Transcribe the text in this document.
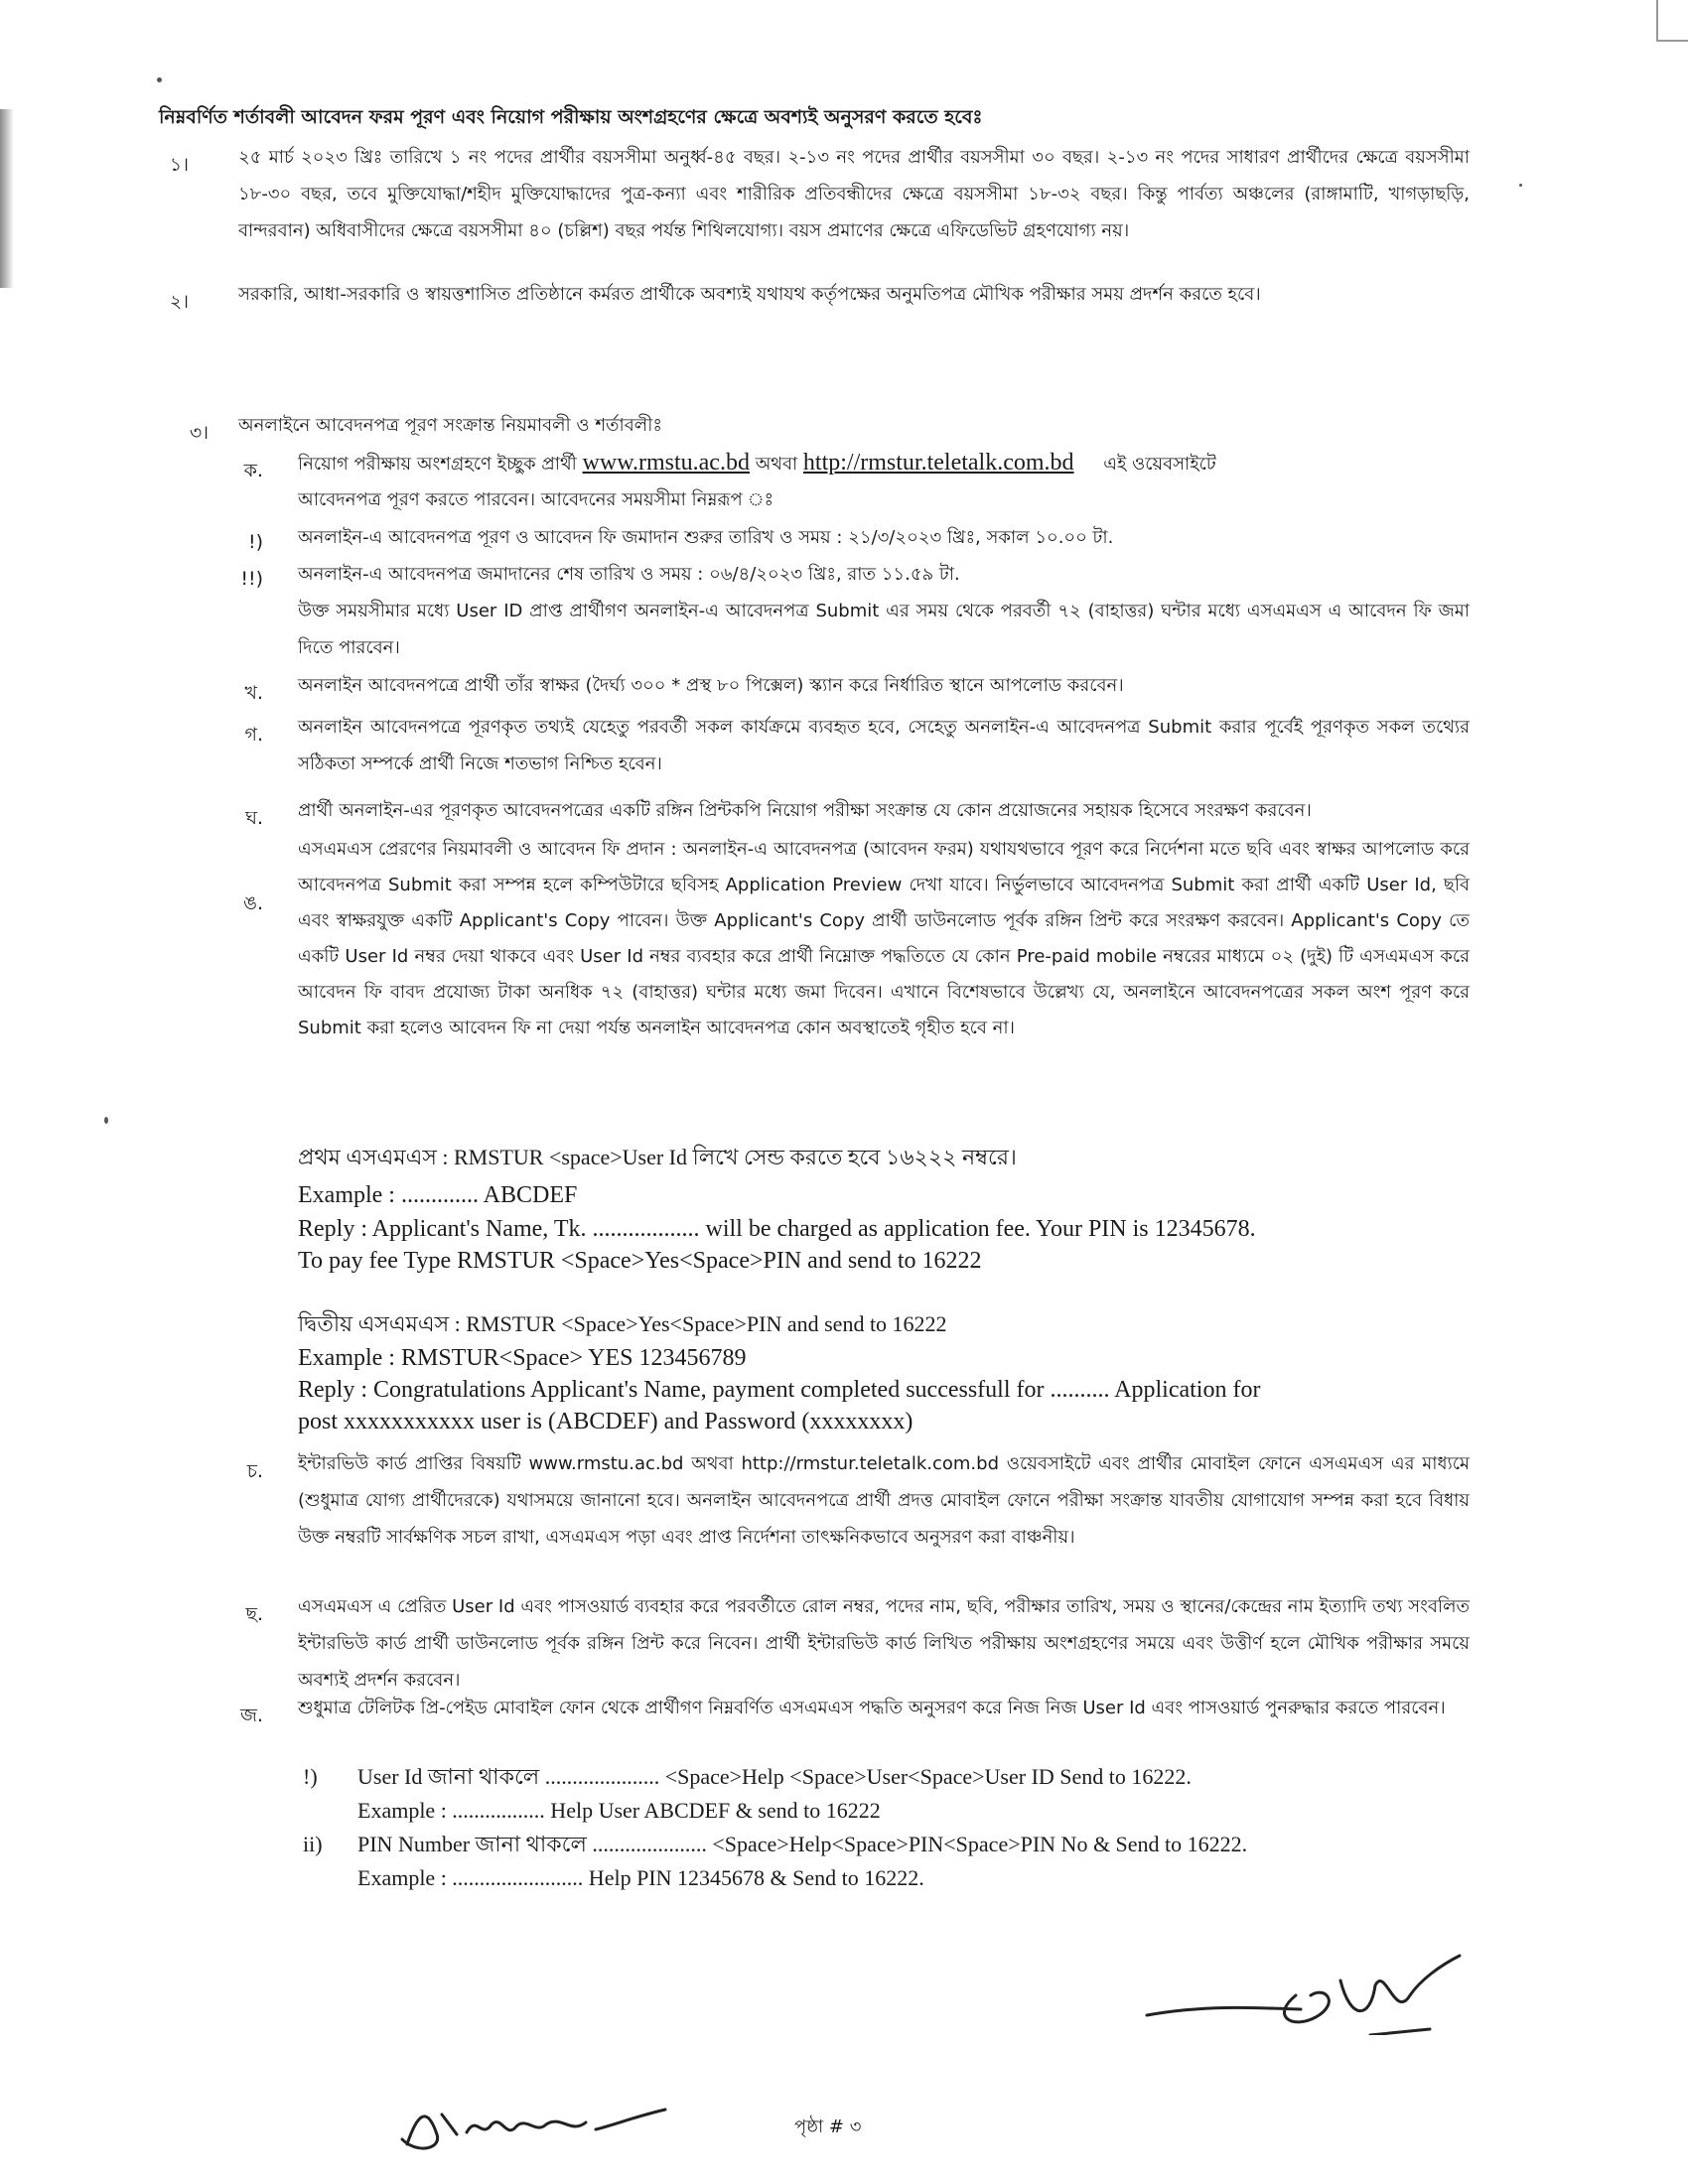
নিম্নবর্ণিত শর্তাবলী আবেদন ফরম পূরণ এবং নিয়োগ পরীক্ষায় অংশগ্রহণের ক্ষেত্রে অবশ্যই অনুসরণ করতে হবেঃ
১।	২৫ মার্চ ২০২৩ খ্রিঃ তারিখে ১ নং পদের প্রার্থীর বয়সসীমা অনুর্ধ্ব-৪৫ বছর। ২-১৩ নং পদের প্রার্থীর বয়সসীমা ৩০ বছর। ২-১৩ নং পদের সাধারণ প্রার্থীদের ক্ষেত্রে বয়সসীমা ১৮-৩০ বছর, তবে মুক্তিযোদ্ধা/শহীদ মুক্তিযোদ্ধাদের পুত্র-কন্যা এবং শারীরিক প্রতিবন্ধীদের ক্ষেত্রে বয়সসীমা ১৮-৩২ বছর। কিন্তু পার্বত্য অঞ্চলের (রাঙ্গামাটি, খাগড়াছড়ি, বান্দরবান) অধিবাসীদের ক্ষেত্রে বয়সসীমা ৪০ (চল্লিশ) বছর পর্যন্ত শিথিলযোগ্য। বয়স প্রমাণের ক্ষেত্রে এফিডেভিট গ্রহণযোগ্য নয়।
২।	সরকারি, আধা-সরকারি ও স্বায়ত্তশাসিত প্রতিষ্ঠানে কর্মরত প্রার্থীকে অবশ্যই যথাযথ কর্তৃপক্ষের অনুমতিপত্র মৌখিক পরীক্ষার সময় প্রদর্শন করতে হবে।
৩। অনলাইনে আবেদনপত্র পূরণ সংক্রান্ত নিয়মাবলী ও শর্তাবলীঃ
ক. নিয়োগ পরীক্ষায় অংশগ্রহণে ইচ্ছুক প্রার্থী www.rmstu.ac.bd অথবা http://rmstur.teletalk.com.bd এই ওয়েবসাইটে
আবেদনপত্র পূরণ করতে পারবেন। আবেদনের সময়সীমা নিম্নরূপ ঃ
!) অনলাইন-এ আবেদনপত্র পূরণ ও আবেদন ফি জমাদান শুরুর তারিখ ও সময় : ২১/৩/২০২৩ খ্রিঃ, সকাল ১০.০০ টা.
!!) অনলাইন-এ আবেদনপত্র জমাদানের শেষ তারিখ ও সময় : ০৬/৪/২০২৩ খ্রিঃ, রাত ১১.৫৯ টা.
উক্ত সময়সীমার মধ্যে User ID প্রাপ্ত প্রার্থীগণ অনলাইন-এ আবেদনপত্র Submit এর সময় থেকে পরবর্তী ৭২ (বাহাত্তর) ঘন্টার মধ্যে এসএমএস এ আবেদন ফি জমা দিতে পারবেন।
খ. অনলাইন আবেদনপত্রে প্রার্থী তাঁর স্বাক্ষর (দৈর্ঘ্য ৩০০ * প্রস্থ ৮০ পিক্সেল) স্ক্যান করে নির্ধারিত স্থানে আপলোড করবেন।
গ. অনলাইন আবেদনপত্রে পূরণকৃত তথ্যই যেহেতু পরবর্তী সকল কার্যক্রমে ব্যবহৃত হবে, সেহেতু অনলাইন-এ আবেদনপত্র Submit করার পূর্বেই পূরণকৃত সকল তথ্যের সঠিকতা সম্পর্কে প্রার্থী নিজে শতভাগ নিশ্চিত হবেন।
ঘ. প্রার্থী অনলাইন-এর পূরণকৃত আবেদনপত্রের একটি রঙ্গিন প্রিন্টকপি নিয়োগ পরীক্ষা সংক্রান্ত যে কোন প্রয়োজনের সহায়ক হিসেবে সংরক্ষণ করবেন।
ঙ.
এসএমএস প্রেরণের নিয়মাবলী ও আবেদন ফি প্রদান : অনলাইন-এ আবেদনপত্র (আবেদন ফরম) যথাযথভাবে পূরণ করে নির্দেশনা মতে ছবি এবং স্বাক্ষর আপলোড করে আবেদনপত্র Submit করা সম্পন্ন হলে কম্পিউটারে ছবিসহ Application Preview দেখা যাবে। নির্ভুলভাবে আবেদনপত্র Submit করা প্রার্থী একটি User Id, ছবি এবং স্বাক্ষরযুক্ত একটি Applicant's Copy পাবেন। উক্ত Applicant's Copy প্রার্থী ডাউনলোড পূর্বক রঙ্গিন প্রিন্ট করে সংরক্ষণ করবেন। Applicant's Copy তে একটি User Id নম্বর দেয়া থাকবে এবং User Id নম্বর ব্যবহার করে প্রার্থী নিম্নোক্ত পদ্ধতিতে যে কোন Pre-paid mobile নম্বরের মাধ্যমে ০২ (দুই) টি এসএমএস করে আবেদন ফি বাবদ প্রযোজ্য টাকা অনধিক ৭২ (বাহাত্তর) ঘন্টার মধ্যে জমা দিবেন। এখানে বিশেষভাবে উল্লেখ্য যে, অনলাইনে আবেদনপত্রের সকল অংশ পূরণ করে Submit করা হলেও আবেদন ফি না দেয়া পর্যন্ত অনলাইন আবেদনপত্র কোন অবস্থাতেই গৃহীত হবে না।
প্রথম এসএমএস : RMSTUR <space>User Id লিখে সেন্ড করতে হবে ১৬২২২ নম্বরে।
Example : ............. ABCDEF
Reply : Applicant's Name, Tk. .................. will be charged as application fee. Your PIN is 12345678.
To pay fee Type RMSTUR <Space>Yes<Space>PIN and send to 16222
দ্বিতীয় এসএমএস : RMSTUR <Space>Yes<Space>PIN and send to 16222
Example : RMSTUR<Space> YES 123456789
Reply : Congratulations Applicant's Name, payment completed successfull for .......... Application for
post xxxxxxxxxxx user is (ABCDEF) and Password (xxxxxxxx)
চ. ইন্টারভিউ কার্ড প্রাপ্তির বিষয়টি www.rmstu.ac.bd অথবা http://rmstur.teletalk.com.bd ওয়েবসাইটে এবং প্রার্থীর মোবাইল ফোনে এসএমএস এর মাধ্যমে (শুধুমাত্র যোগ্য প্রার্থীদেরকে) যথাসময়ে জানানো হবে। অনলাইন আবেদনপত্রে প্রার্থী প্রদত্ত মোবাইল ফোনে পরীক্ষা সংক্রান্ত যাবতীয় যোগাযোগ সম্পন্ন করা হবে বিধায় উক্ত নম্বরটি সার্বক্ষণিক সচল রাখা, এসএমএস পড়া এবং প্রাপ্ত নির্দেশনা তাৎক্ষনিকভাবে অনুসরণ করা বাঞ্চনীয়।
ছ. এসএমএস এ প্রেরিত User Id এবং পাসওয়ার্ড ব্যবহার করে পরবর্তীতে রোল নম্বর, পদের নাম, ছবি, পরীক্ষার তারিখ, সময় ও স্থানের/কেন্দ্রের নাম ইত্যাদি তথ্য সংবলিত ইন্টারভিউ কার্ড প্রার্থী ডাউনলোড পূর্বক রঙ্গিন প্রিন্ট করে নিবেন। প্রার্থী ইন্টারভিউ কার্ড লিখিত পরীক্ষায় অংশগ্রহণের সময়ে এবং উত্তীর্ণ হলে মৌখিক পরীক্ষার সময়ে অবশ্যই প্রদর্শন করবেন।
জ. শুধুমাত্র টেলিটক প্রি-পেইড মোবাইল ফোন থেকে প্রার্থীগণ নিম্নবর্ণিত এসএমএস পদ্ধতি অনুসরণ করে নিজ নিজ User Id এবং পাসওয়ার্ড পুনরুদ্ধার করতে পারবেন।
!) User Id জানা থাকলে ..................... <Space>Help <Space>User<Space>User ID Send to 16222.
Example : ................. Help User ABCDEF & send to 16222
ii) PIN Number জানা থাকলে ..................... <Space>Help<Space>PIN<Space>PIN No & Send to 16222.
Example : ........................ Help PIN 12345678 & Send to 16222.
পৃষ্ঠা # ৩
